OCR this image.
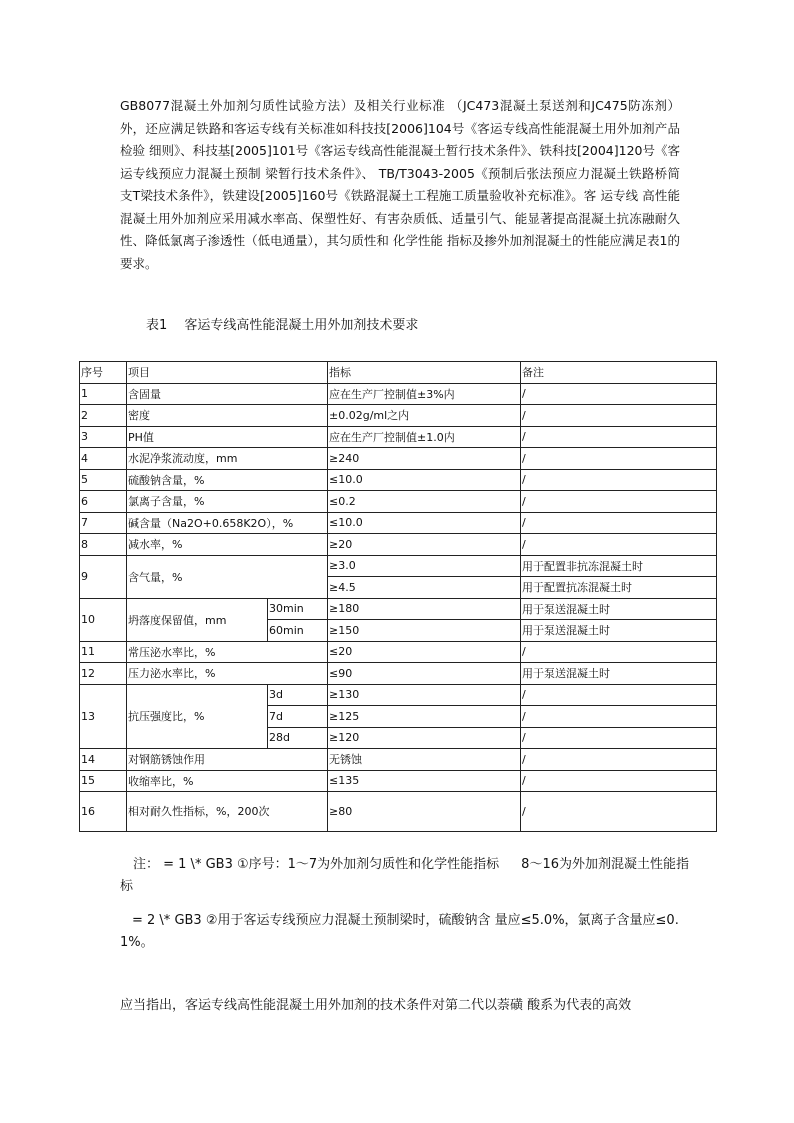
GB8077混凝土外加剂匀质性试验方法）及相关行业标准 （JC473混凝土泵送剂和JC475防冻剂）外，还应满足铁路和客运专线有关标准如科技技[2006]104号《客运专线高性能混凝土用外加剂产品检验 细则》、科技基[2005]101号《客运专线高性能混凝土暂行技术条件》、铁科技[2004]120号《客运专线预应力混凝土预制 梁暂行技术条件》、 TB/T3043-2005《预制后张法预应力混凝土铁路桥简支T梁技术条件》，铁建设[2005]160号《铁路混凝土工程施工质量验收补充标准》。客 运专线 高性能混凝土用外加剂应采用减水率高、保塑性好、有害杂质低、适量引气、能显著提高混凝土抗冻融耐久性、降低氯离子渗透性（低电通量），其匀质性和 化学性能 指标及掺外加剂混凝土的性能应满足表1的要求。

表1　 客运专线高性能混凝土用外加剂技术要求

序号	项目		指标	备注
1	含固量		应在生产厂控制值±3%内	/
2	密度		±0.02g/ml之内	/
3	PH值		应在生产厂控制值±1.0内	/
4	水泥净浆流动度，mm		≥240	/
5	硫酸钠含量，%		≤10.0	/
6	氯离子含量，%		≤0.2	/
7	碱含量（Na2O+0.658K2O），%		≤10.0	/
8	减水率，%		≥20	/
9	含气量，%		≥3.0	用于配置非抗冻混凝土时
			≥4.5	用于配置抗冻混凝土时
10	坍落度保留值，mm	30min	≥180	用于泵送混凝土时
		60min	≥150	用于泵送混凝土时
11	常压泌水率比，%		≤20	/
12	压力泌水率比，%		≤90	用于泵送混凝土时
13	抗压强度比，%	3d	≥130	/
		7d	≥125	/
		28d	≥120	/
14	对钢筋锈蚀作用		无锈蚀	/
15	收缩率比，%		≤135	/
16	相对耐久性指标，%，200次		≥80	/

注： = 1 \* GB3 ①序号：1～7为外加剂匀质性和化学性能指标 8～16为外加剂混凝土性能指标

= 2 \* GB3 ②用于客运专线预应力混凝土预制梁时，硫酸钠含 量应≤5.0%，氯离子含量应≤0.1%。

应当指出，客运专线高性能混凝土用外加剂的技术条件对第二代以萘磺 酸系为代表的高效
